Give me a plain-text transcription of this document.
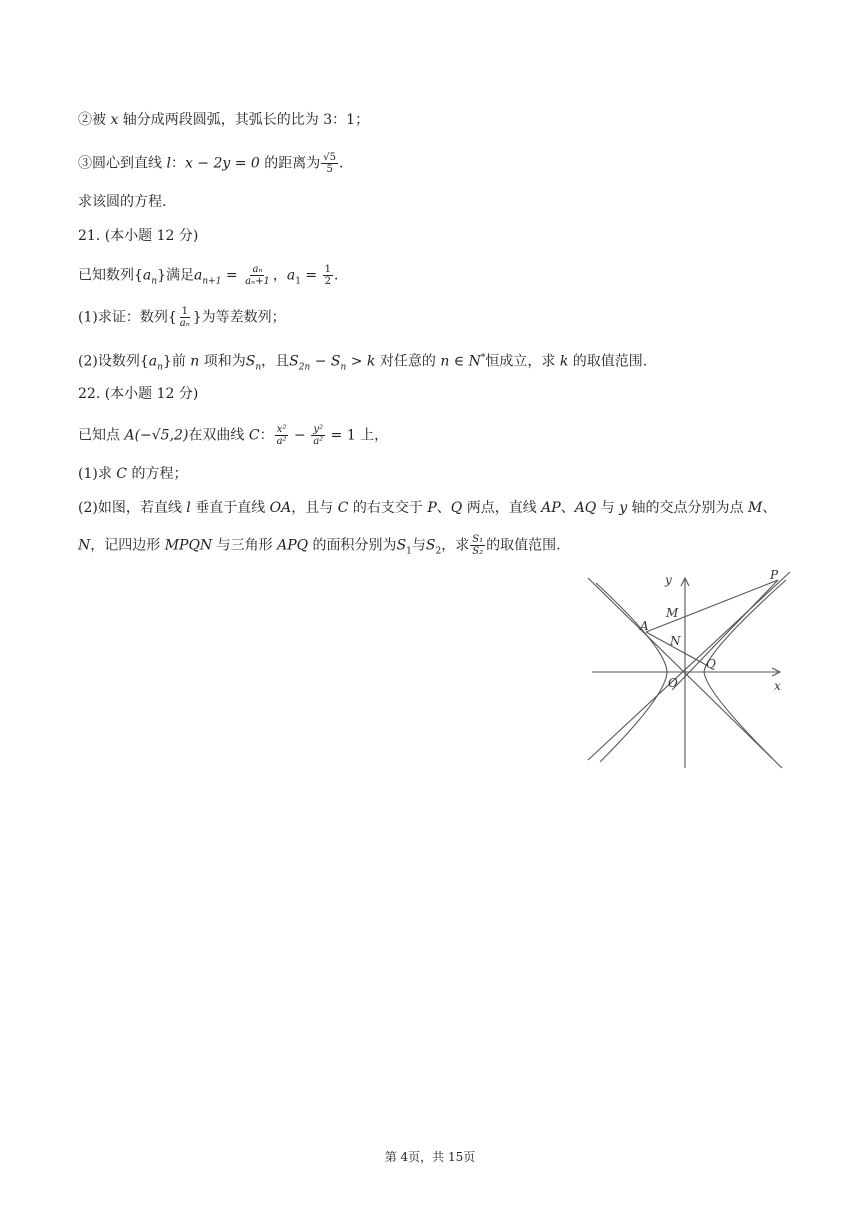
②被 x 轴分成两段圆弧，其弧长的比为 3：1；
③圆心到直线 l：x − 2y = 0 的距离为 $\frac{√5}{5}$ .
求该圆的方程.
21. (本小题 12 分)
已知数列$\{a_n\}$满足$a_{n+1} = \frac{\text{aₙ}}{\text{aₙ+1}}$ ，$a_1 = \frac{1}{2}$ .
(1)求证：数列{ $\frac{1}{\text{aₙ}}$ }为等差数列；
(2)设数列$\{a_n\}$前 n 项和为$S_n$，且$S_{2n} - S_n > k$ 对任意的 n ∈ N*恒成立，求 k 的取值范围.
22. (本小题 12 分)
已知点 A(−√5,2)在双曲线 C： $\frac{\text{x²}}{\text{a²}} - \frac{\text{y²}}{\text{a²}} = 1$ 上，
(1)求 C 的方程；
(2)如图，若直线 l 垂直于直线 OA，且与 C 的右支交于 P、Q 两点，直线 AP、AQ 与 y 轴的交点分别为点 M、
N，记四边形 MPQN 与三角形 APQ 的面积分别为$S_1$与$S_2$，求 $\frac{\text{S₁}}{\text{S₂}}$ 的取值范围.
y
x
P
M
A
N
Q
O
第 4页，共 15页
